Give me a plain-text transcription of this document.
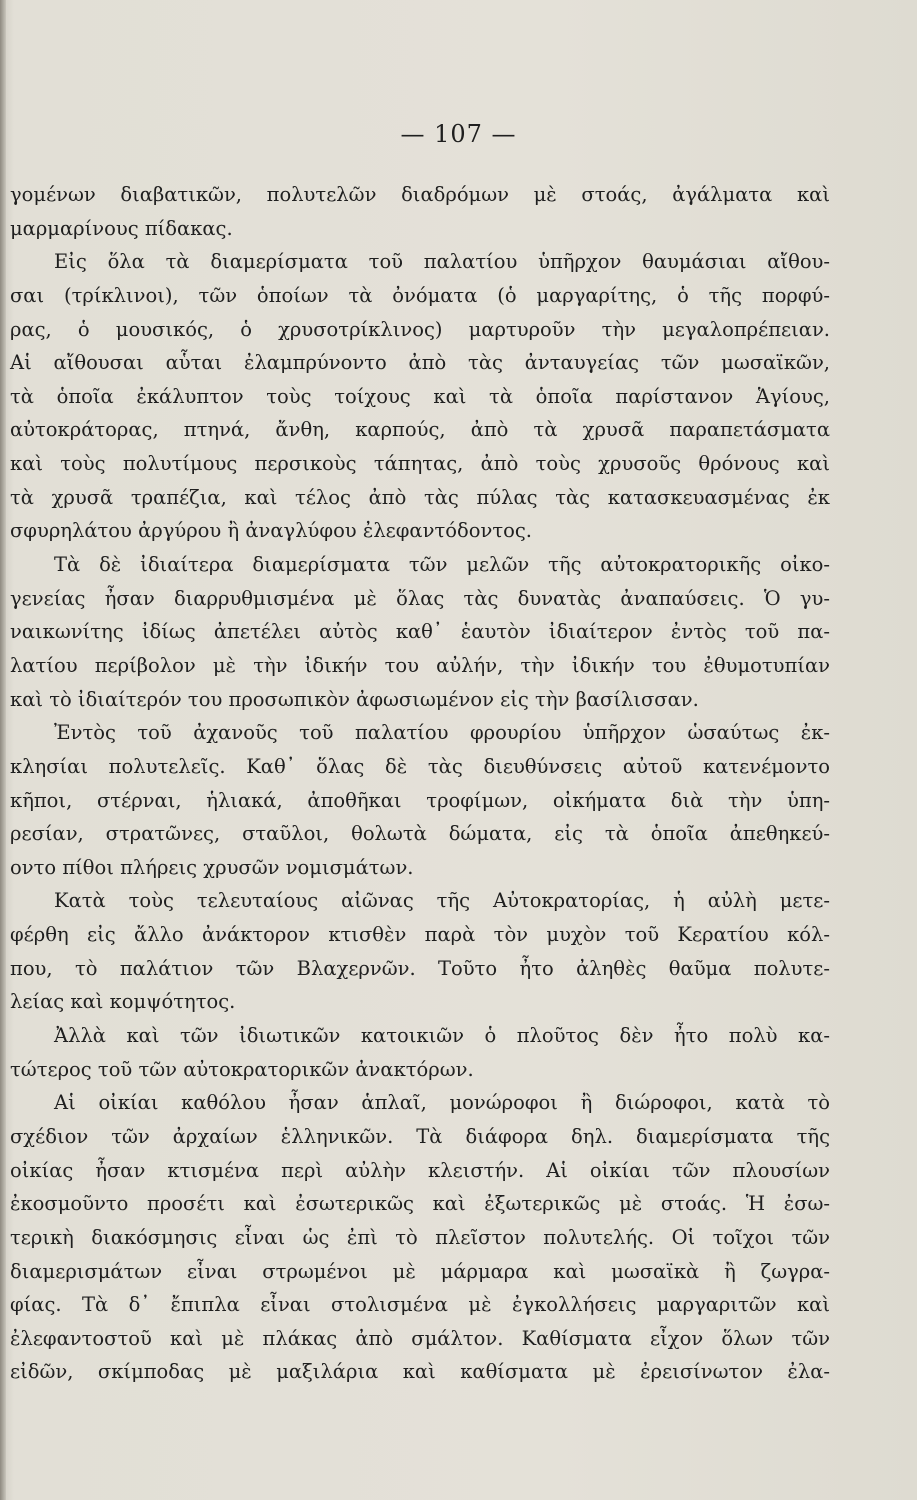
— 107 —
γομένων διαβατικῶν, πολυτελῶν διαδρόμων μὲ στοάς, ἀγάλματα καὶ
μαρμαρίνους πίδακας.
Εἰς ὅλα τὰ διαμερίσματα τοῦ παλατίου ὑπῆρχον θαυμάσιαι αἴθου-
σαι (τρίκλινοι), τῶν ὁποίων τὰ ὀνόματα (ὁ μαργαρίτης, ὁ τῆς πορφύ-
ρας, ὁ μουσικός, ὁ χρυσοτρίκλινος) μαρτυροῦν τὴν μεγαλοπρέπειαν.
Αἱ αἴθουσαι αὗται ἐλαμπρύνοντο ἀπὸ τὰς ἀνταυγείας τῶν μωσαϊκῶν,
τὰ ὁποῖα ἐκάλυπτον τοὺς τοίχους καὶ τὰ ὁποῖα παρίστανον Ἁγίους,
αὐτοκράτορας, πτηνά, ἄνθη, καρπούς, ἀπὸ τὰ χρυσᾶ παραπετάσματα
καὶ τοὺς πολυτίμους περσικοὺς τάπητας, ἀπὸ τοὺς χρυσοῦς θρόνους καὶ
τὰ χρυσᾶ τραπέζια, καὶ τέλος ἀπὸ τὰς πύλας τὰς κατασκευασμένας ἐκ
σφυρηλάτου ἀργύρου ἢ ἀναγλύφου ἐλεφαντόδοντος.
Τὰ δὲ ἰδιαίτερα διαμερίσματα τῶν μελῶν τῆς αὐτοκρατορικῆς οἰκο-
γενείας ἦσαν διαρρυθμισμένα μὲ ὅλας τὰς δυνατὰς ἀναπαύσεις. Ὁ γυ-
ναικωνίτης ἰδίως ἀπετέλει αὐτὸς καθ᾽ ἑαυτὸν ἰδιαίτερον ἐντὸς τοῦ πα-
λατίου περίβολον μὲ τὴν ἰδικήν του αὐλήν, τὴν ἰδικήν του ἐθυμοτυπίαν
καὶ τὸ ἰδιαίτερόν του προσωπικὸν ἀφωσιωμένον εἰς τὴν βασίλισσαν.
Ἐντὸς τοῦ ἀχανοῦς τοῦ παλατίου φρουρίου ὑπῆρχον ὡσαύτως ἐκ-
κλησίαι πολυτελεῖς. Καθ᾽ ὅλας δὲ τὰς διευθύνσεις αὐτοῦ κατενέμοντο
κῆποι, στέρναι, ἡλιακά, ἀποθῆκαι τροφίμων, οἰκήματα διὰ τὴν ὑπη-
ρεσίαν, στρατῶνες, σταῦλοι, θολωτὰ δώματα, εἰς τὰ ὁποῖα ἀπεθηκεύ-
οντο πίθοι πλήρεις χρυσῶν νομισμάτων.
Κατὰ τοὺς τελευταίους αἰῶνας τῆς Αὐτοκρατορίας, ἡ αὐλὴ μετε-
φέρθη εἰς ἄλλο ἀνάκτορον κτισθὲν παρὰ τὸν μυχὸν τοῦ Κερατίου κόλ-
που, τὸ παλάτιον τῶν Βλαχερνῶν. Τοῦτο ἦτο ἀληθὲς θαῦμα πολυτε-
λείας καὶ κομψότητος.
Ἀλλὰ καὶ τῶν ἰδιωτικῶν κατοικιῶν ὁ πλοῦτος δὲν ἦτο πολὺ κα-
τώτερος τοῦ τῶν αὐτοκρατορικῶν ἀνακτόρων.
Αἱ οἰκίαι καθόλου ἦσαν ἁπλαῖ, μονώροφοι ἢ διώροφοι, κατὰ τὸ
σχέδιον τῶν ἀρχαίων ἑλληνικῶν. Τὰ διάφορα δηλ. διαμερίσματα τῆς
οἰκίας ἦσαν κτισμένα περὶ αὐλὴν κλειστήν. Αἱ οἰκίαι τῶν πλουσίων
ἐκοσμοῦντο προσέτι καὶ ἐσωτερικῶς καὶ ἐξωτερικῶς μὲ στοάς. Ἡ ἐσω-
τερικὴ διακόσμησις εἶναι ὡς ἐπὶ τὸ πλεῖστον πολυτελής. Οἱ τοῖχοι τῶν
διαμερισμάτων εἶναι στρωμένοι μὲ μάρμαρα καὶ μωσαϊκὰ ἢ ζωγρα-
φίας. Τὰ δ᾽ ἔπιπλα εἶναι στολισμένα μὲ ἐγκολλήσεις μαργαριτῶν καὶ
ἐλεφαντοστοῦ καὶ μὲ πλάκας ἀπὸ σμάλτον. Καθίσματα εἶχον ὅλων τῶν
εἰδῶν, σκίμποδας μὲ μαξιλάρια καὶ καθίσματα μὲ ἐρεισίνωτον ἐλα-
